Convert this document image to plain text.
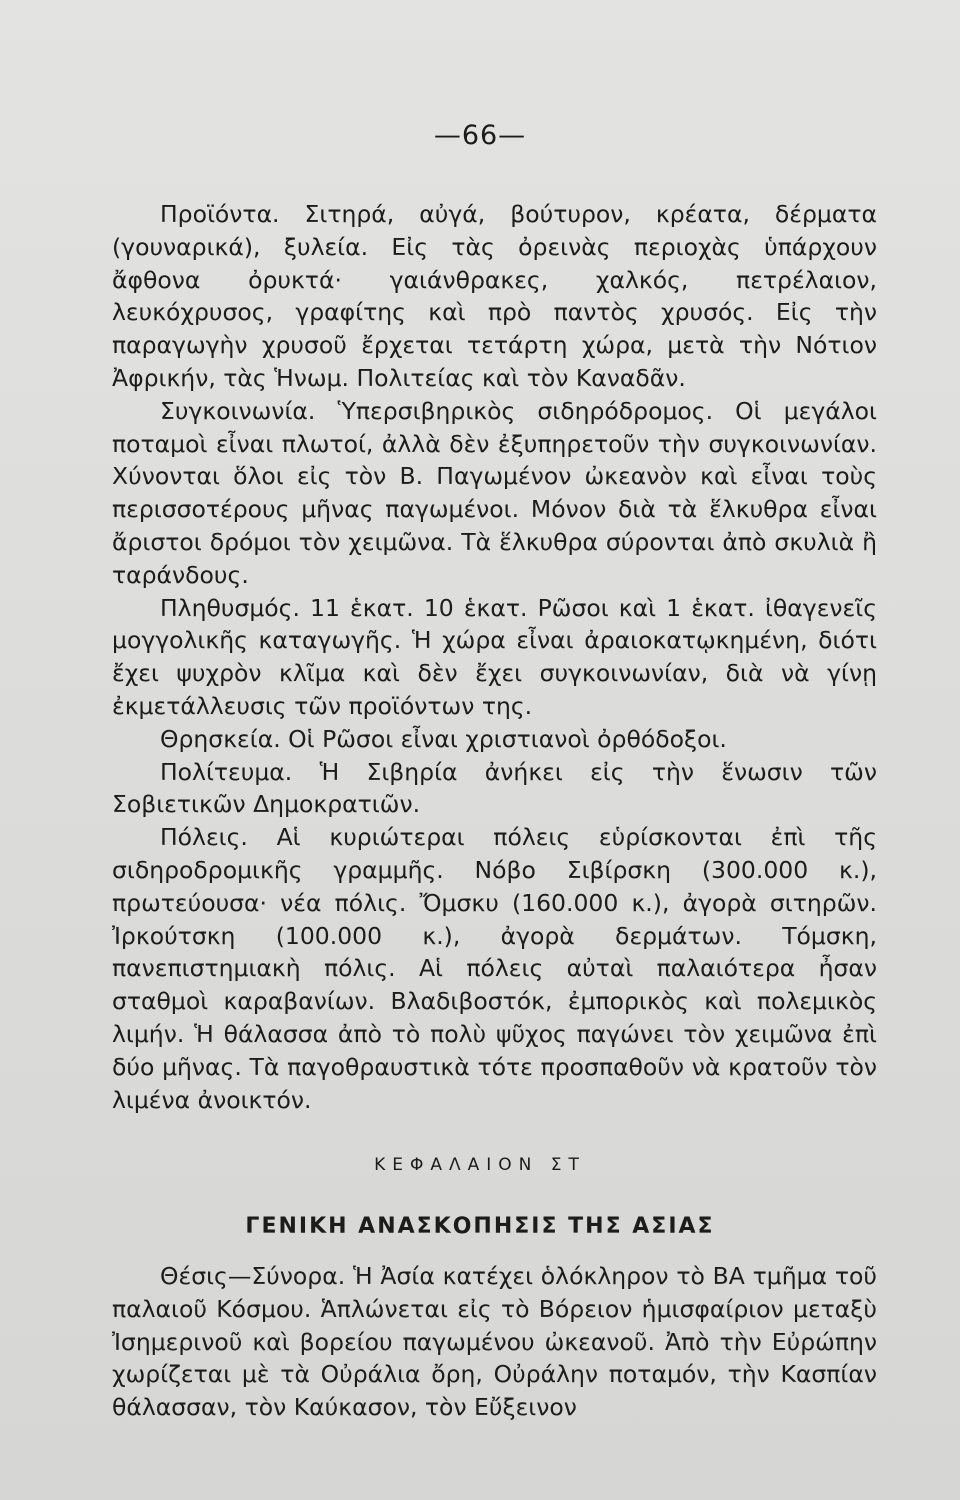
—66—

Προϊόντα. Σιτηρά, αὐγά, βούτυρον, κρέατα, δέρματα (γουναρικά), ξυλεία. Εἰς τὰς ὀρεινὰς περιοχὰς ὑπάρχουν ἄφθονα ὀρυκτά· γαιάνθρακες, χαλκός, πετρέλαιον, λευκόχρυσος, γραφίτης καὶ πρὸ παντὸς χρυσός. Εἰς τὴν παραγωγὴν χρυσοῦ ἔρχεται τετάρτη χώρα, μετὰ τὴν Νότιον Ἀφρικήν, τὰς Ἡνωμ. Πολιτείας καὶ τὸν Καναδᾶν.

Συγκοινωνία. Ὑπερσιβηρικὸς σιδηρόδρομος. Οἱ μεγάλοι ποταμοὶ εἶναι πλωτοί, ἀλλὰ δὲν ἐξυπηρετοῦν τὴν συγκοινωνίαν. Χύνονται ὅλοι εἰς τὸν Β. Παγωμένον ὠκεανὸν καὶ εἶναι τοὺς περισσοτέρους μῆνας παγωμένοι. Μόνον διὰ τὰ ἕλκυθρα εἶναι ἄριστοι δρόμοι τὸν χειμῶνα. Τὰ ἕλκυθρα σύρονται ἀπὸ σκυλιὰ ἢ ταράνδους.

Πληθυσμός. 11 ἑκατ. 10 ἑκατ. Ρῶσοι καὶ 1 ἑκατ. ἰθαγενεῖς μογγολικῆς καταγωγῆς. Ἡ χώρα εἶναι ἀραιοκατῳκημένη, διότι ἔχει ψυχρὸν κλῖμα καὶ δὲν ἔχει συγκοινωνίαν, διὰ νὰ γίνῃ ἐκμετάλλευσις τῶν προϊόντων της.

Θρησκεία. Οἱ Ρῶσοι εἶναι χριστιανοὶ ὀρθόδοξοι.

Πολίτευμα. Ἡ Σιβηρία ἀνήκει εἰς τὴν ἕνωσιν τῶν Σοβιετικῶν Δημοκρατιῶν.

Πόλεις. Αἱ κυριώτεραι πόλεις εὑρίσκονται ἐπὶ τῆς σιδηροδρομικῆς γραμμῆς. Νόβο Σιβίρσκη (300.000 κ.), πρωτεύουσα· νέα πόλις. Ὄμσκυ (160.000 κ.), ἀγορὰ σιτηρῶν. Ἰρκούτσκη (100.000 κ.), ἀγορὰ δερμάτων. Τόμσκη, πανεπιστημιακὴ πόλις. Αἱ πόλεις αὐταὶ παλαιότερα ἦσαν σταθμοὶ καραβανίων. Βλαδιβοστόκ, ἐμπορικὸς καὶ πολεμικὸς λιμήν. Ἡ θάλασσα ἀπὸ τὸ πολὺ ψῦχος παγώνει τὸν χειμῶνα ἐπὶ δύο μῆνας. Τὰ παγοθραυστικὰ τότε προσπαθοῦν νὰ κρατοῦν τὸν λιμένα ἀνοικτόν.

ΚΕΦΑΛΑΙΟΝ ΣΤ
ΓΕΝΙΚΗ ΑΝΑΣΚΟΠΗΣΙΣ ΤΗΣ ΑΣΙΑΣ

Θέσις—Σύνορα. Ἡ Ἀσία κατέχει ὁλόκληρον τὸ ΒΑ τμῆμα τοῦ παλαιοῦ Κόσμου. Ἁπλώνεται εἰς τὸ Βόρειον ἡμισφαίριον μεταξὺ Ἰσημερινοῦ καὶ βορείου παγωμένου ὠκεανοῦ. Ἀπὸ τὴν Εὐρώπην χωρίζεται μὲ τὰ Οὐράλια ὄρη, Οὐράλην ποταμόν, τὴν Κασπίαν θάλασσαν, τὸν Καύκασον, τὸν Εὔξεινον
